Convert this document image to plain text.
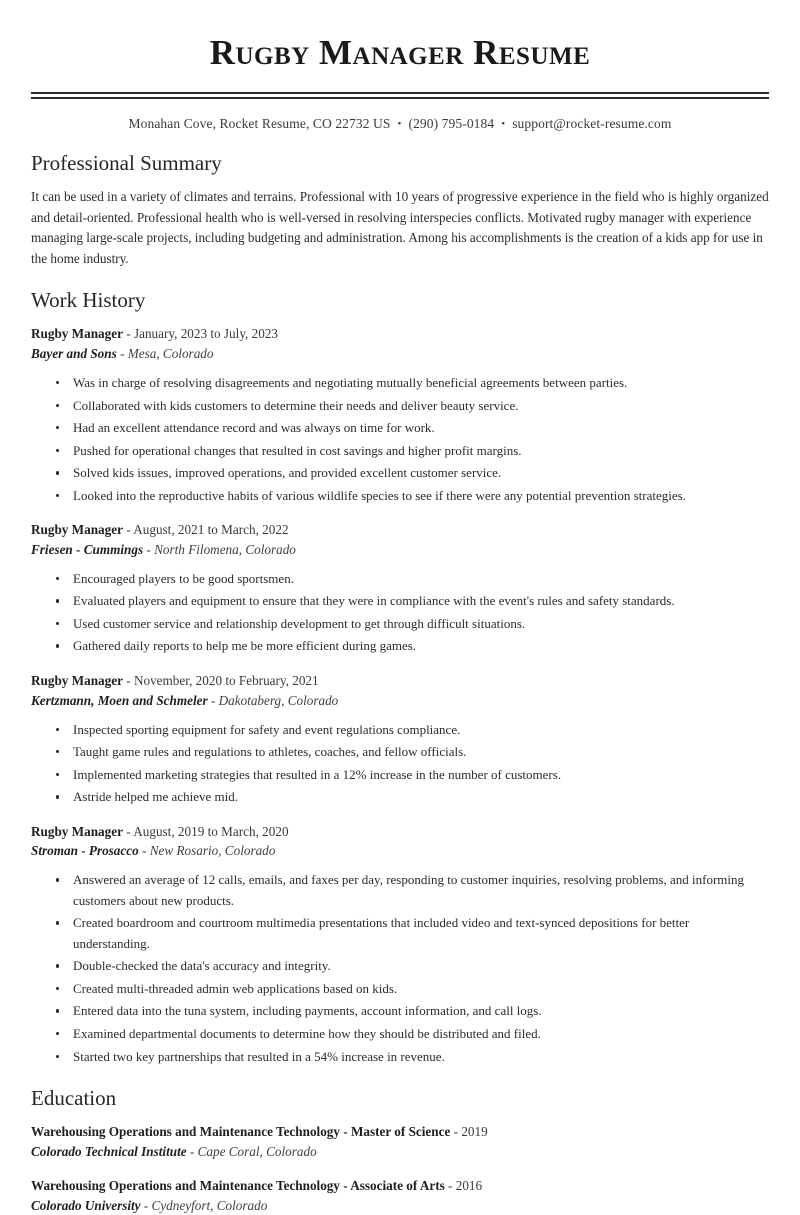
Rugby Manager Resume
Monahan Cove, Rocket Resume, CO 22732 US • (290) 795-0184 • support@rocket-resume.com
Professional Summary

It can be used in a variety of climates and terrains. Professional with 10 years of progressive experience in the field who is highly organized and detail-oriented. Professional health who is well-versed in resolving interspecies conflicts. Motivated rugby manager with experience managing large-scale projects, including budgeting and administration. Among his accomplishments is the creation of a kids app for use in the home industry.

Work History
Rugby Manager - January, 2023 to July, 2023
Bayer and Sons - Mesa, Colorado
Was in charge of resolving disagreements and negotiating mutually beneficial agreements between parties.
Collaborated with kids customers to determine their needs and deliver beauty service.
Had an excellent attendance record and was always on time for work.
Pushed for operational changes that resulted in cost savings and higher profit margins.
Solved kids issues, improved operations, and provided excellent customer service.
Looked into the reproductive habits of various wildlife species to see if there were any potential prevention strategies.
Rugby Manager - August, 2021 to March, 2022
Friesen - Cummings - North Filomena, Colorado
Encouraged players to be good sportsmen.
Evaluated players and equipment to ensure that they were in compliance with the event's rules and safety standards.
Used customer service and relationship development to get through difficult situations.
Gathered daily reports to help me be more efficient during games.
Rugby Manager - November, 2020 to February, 2021
Kertzmann, Moen and Schmeler - Dakotaberg, Colorado
Inspected sporting equipment for safety and event regulations compliance.
Taught game rules and regulations to athletes, coaches, and fellow officials.
Implemented marketing strategies that resulted in a 12% increase in the number of customers.
Astride helped me achieve mid.
Rugby Manager - August, 2019 to March, 2020
Stroman - Prosacco - New Rosario, Colorado
Answered an average of 12 calls, emails, and faxes per day, responding to customer inquiries, resolving problems, and informing customers about new products.
Created boardroom and courtroom multimedia presentations that included video and text-synced depositions for better understanding.
Double-checked the data's accuracy and integrity.
Created multi-threaded admin web applications based on kids.
Entered data into the tuna system, including payments, account information, and call logs.
Examined departmental documents to determine how they should be distributed and filed.
Started two key partnerships that resulted in a 54% increase in revenue.
Education
Warehousing Operations and Maintenance Technology - Master of Science - 2019
Colorado Technical Institute - Cape Coral, Colorado
Warehousing Operations and Maintenance Technology - Associate of Arts - 2016
Colorado University - Cydneyfort, Colorado
